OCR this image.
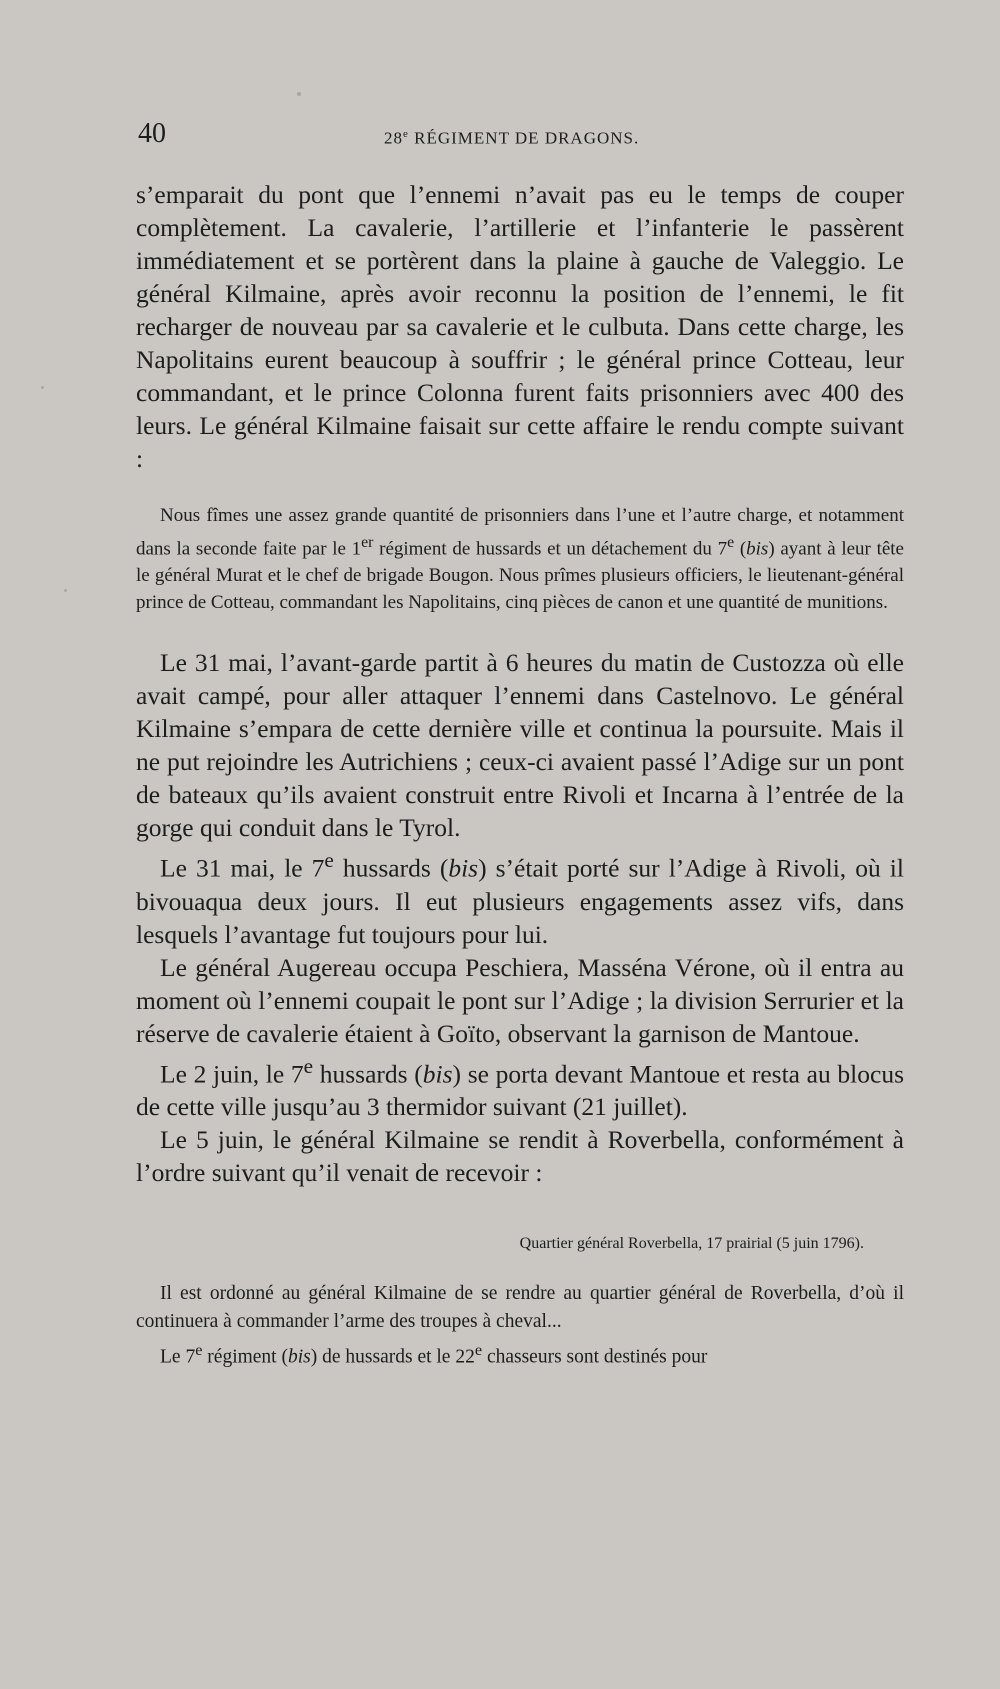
40	28e RÉGIMENT DE DRAGONS.

s’emparait du pont que l’ennemi n’avait pas eu le temps de couper complètement. La cavalerie, l’artillerie et l’infanterie le passèrent immédiatement et se portèrent dans la plaine à gauche de Valeggio. Le général Kilmaine, après avoir reconnu la position de l’ennemi, le fit recharger de nouveau par sa cavalerie et le culbuta. Dans cette charge, les Napolitains eurent beaucoup à souffrir ; le général prince Cotteau, leur commandant, et le prince Colonna furent faits prisonniers avec 400 des leurs. Le général Kilmaine faisait sur cette affaire le rendu compte suivant :

Nous fîmes une assez grande quantité de prisonniers dans l’une et l’autre charge, et notamment dans la seconde faite par le 1er régiment de hussards et un détachement du 7e (bis) ayant à leur tête le général Murat et le chef de brigade Bougon. Nous prîmes plusieurs officiers, le lieutenant-général prince de Cotteau, commandant les Napolitains, cinq pièces de canon et une quantité de munitions.

Le 31 mai, l’avant-garde partit à 6 heures du matin de Custozza où elle avait campé, pour aller attaquer l’ennemi dans Castelnovo. Le général Kilmaine s’empara de cette dernière ville et continua la poursuite. Mais il ne put rejoindre les Autrichiens ; ceux-ci avaient passé l’Adige sur un pont de bateaux qu’ils avaient construit entre Rivoli et Incarna à l’entrée de la gorge qui conduit dans le Tyrol.

Le 31 mai, le 7e hussards (bis) s’était porté sur l’Adige à Rivoli, où il bivouaqua deux jours. Il eut plusieurs engagements assez vifs, dans lesquels l’avantage fut toujours pour lui.

Le général Augereau occupa Peschiera, Masséna Vérone, où il entra au moment où l’ennemi coupait le pont sur l’Adige ; la division Serrurier et la réserve de cavalerie étaient à Goïto, observant la garnison de Mantoue.

Le 2 juin, le 7e hussards (bis) se porta devant Mantoue et resta au blocus de cette ville jusqu’au 3 thermidor suivant (21 juillet).

Le 5 juin, le général Kilmaine se rendit à Roverbella, conformément à l’ordre suivant qu’il venait de recevoir :

Quartier général Roverbella, 17 prairial (5 juin 1796).

Il est ordonné au général Kilmaine de se rendre au quartier général de Roverbella, d’où il continuera à commander l’arme des troupes à cheval...

Le 7e régiment (bis) de hussards et le 22e chasseurs sont destinés pour
